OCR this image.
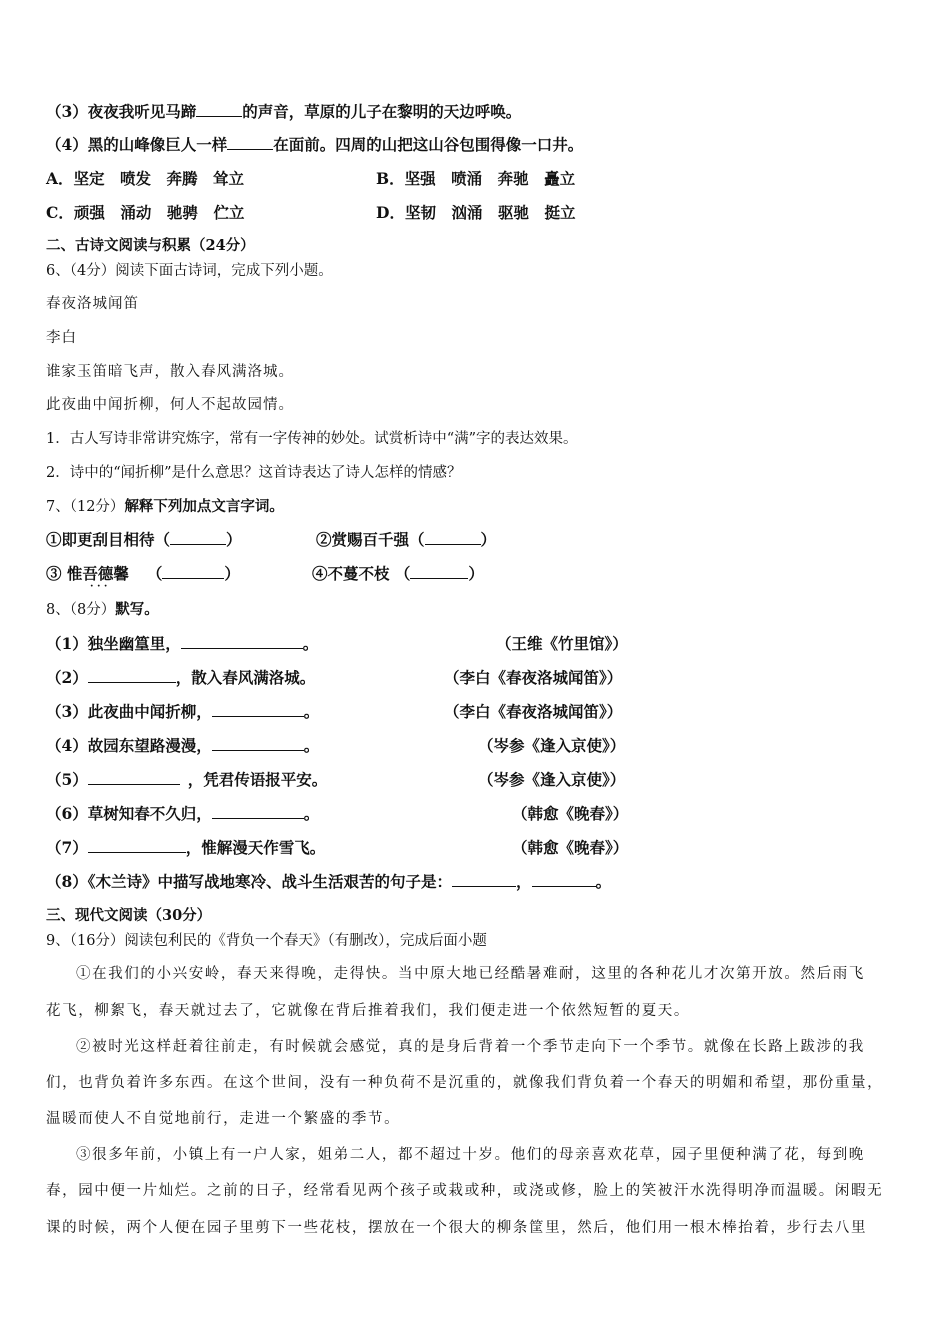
（3）夜夜我听见马蹄	的声音，草原的儿子在黎明的天边呼唤。
（4）黑的山峰像巨人一样	在面前。四周的山把这山谷包围得像一口井。
A．坚定　喷发　奔腾　耸立	B．坚强　喷涌　奔驰　矗立
C．顽强　涌动　驰骋　伫立	D．坚韧　汹涌　驱驰　挺立
二、古诗文阅读与积累（24分）
6、（4分）阅读下面古诗词，完成下列小题。
春夜洛城闻笛
李白
谁家玉笛暗飞声，散入春风满洛城。
此夜曲中闻折柳，何人不起故园情。
1．古人写诗非常讲究炼字，常有一字传神的妙处。试赏析诗中“满”字的表达效果。
2．诗中的“闻折柳”是什么意思？这首诗表达了诗人怎样的情感？
7、（12分）解释下列加点文言字词。
①即更刮目相待（	）	②赏赐百千强（	）
③ 惟吾德馨 · · · （	）	④不蔓不枝 （	）
8、（8分）默写。
（1）独坐幽篁里，	。	（王维《竹里馆》）
（2）	，散入春风满洛城。	（李白《春夜洛城闻笛》）
（3）此夜曲中闻折柳，	。	（李白《春夜洛城闻笛》）
（4）故园东望路漫漫，	。	（岑参《逢入京使》）
（5）	，凭君传语报平安。	（岑参《逢入京使》）
（6）草树知春不久归，	。	（韩愈《晚春》）
（7）	，惟解漫天作雪飞。	（韩愈《晚春》）
（8）《木兰诗》中描写战地寒冷、战斗生活艰苦的句子是：	，	。
三、现代文阅读（30分）
9、（16分）阅读包利民的《背负一个春天》（有删改），完成后面小题
①在我们的小兴安岭，春天来得晚，走得快。当中原大地已经酷暑难耐，这里的各种花儿才次第开放。然后雨飞
花飞，柳絮飞，春天就过去了，它就像在背后推着我们，我们便走进一个依然短暂的夏天。
②被时光这样赶着往前走，有时候就会感觉，真的是身后背着一个季节走向下一个季节。就像在长路上跋涉的我
们，也背负着许多东西。在这个世间，没有一种负荷不是沉重的，就像我们背负着一个春天的明媚和希望，那份重量，
温暖而使人不自觉地前行，走进一个繁盛的季节。
③很多年前，小镇上有一户人家，姐弟二人，都不超过十岁。他们的母亲喜欢花草，园子里便种满了花，每到晚
春，园中便一片灿烂。之前的日子，经常看见两个孩子或栽或种，或浇或修，脸上的笑被汗水洗得明净而温暖。闲暇无
课的时候，两个人便在园子里剪下一些花枝，摆放在一个很大的柳条筐里，然后，他们用一根木棒抬着，步行去八里
